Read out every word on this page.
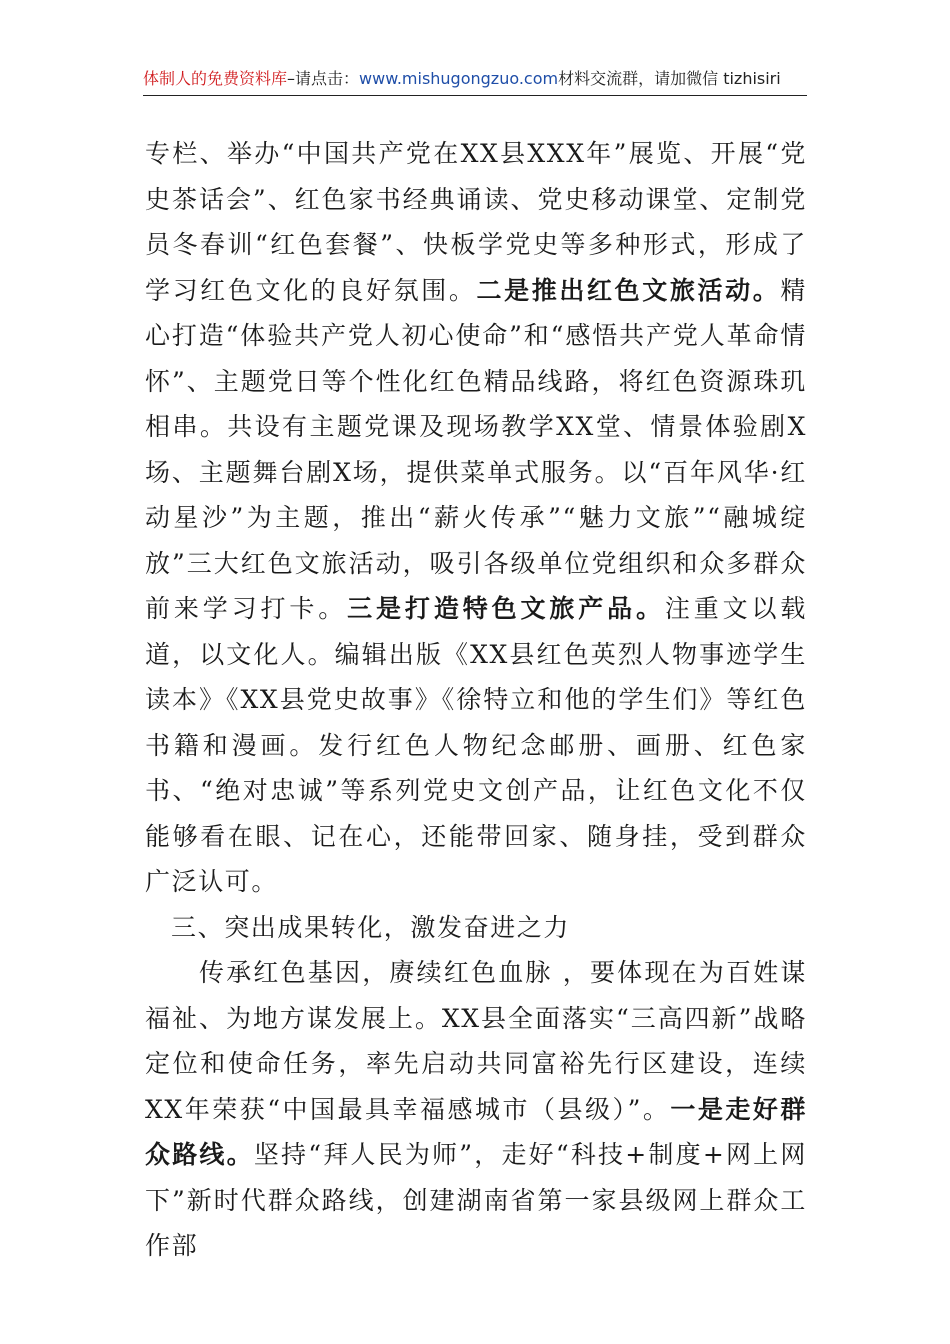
体制人的免费资料库–请点击：www.mishugongzuo.com材料交流群，请加微信 tizhisiri

专栏、举办“中国共产党在XX县XXX年”展览、开展“党史茶话会”、红色家书经典诵读、党史移动课堂、定制党员冬春训“红色套餐”、快板学党史等多种形式，形成了学习红色文化的良好氛围。二是推出红色文旅活动。精心打造“体验共产党人初心使命”和“感悟共产党人革命情怀”、主题党日等个性化红色精品线路，将红色资源珠玑相串。共设有主题党课及现场教学XX堂、情景体验剧X场、主题舞台剧X场，提供菜单式服务。以“百年风华·红动星沙”为主题，推出“薪火传承”“魅力文旅”“融城绽放”三大红色文旅活动，吸引各级单位党组织和众多群众前来学习打卡。三是打造特色文旅产品。注重文以载道，以文化人。编辑出版《XX县红色英烈人物事迹学生读本》《XX县党史故事》《徐特立和他的学生们》等红色书籍和漫画。发行红色人物纪念邮册、画册、红色家书、“绝对忠诚”等系列党史文创产品，让红色文化不仅能够看在眼、记在心，还能带回家、随身挂，受到群众广泛认可。

三、突出成果转化，激发奋进之力

传承红色基因，赓续红色血脉 ，要体现在为百姓谋福祉、为地方谋发展上。XX县全面落实“三高四新”战略定位和使命任务，率先启动共同富裕先行区建设，连续XX年荣获“中国最具幸福感城市（县级）”。一是走好群众路线。坚持“拜人民为师”，走好“科技+制度+网上网下”新时代群众路线，创建湖南省第一家县级网上群众工作部
